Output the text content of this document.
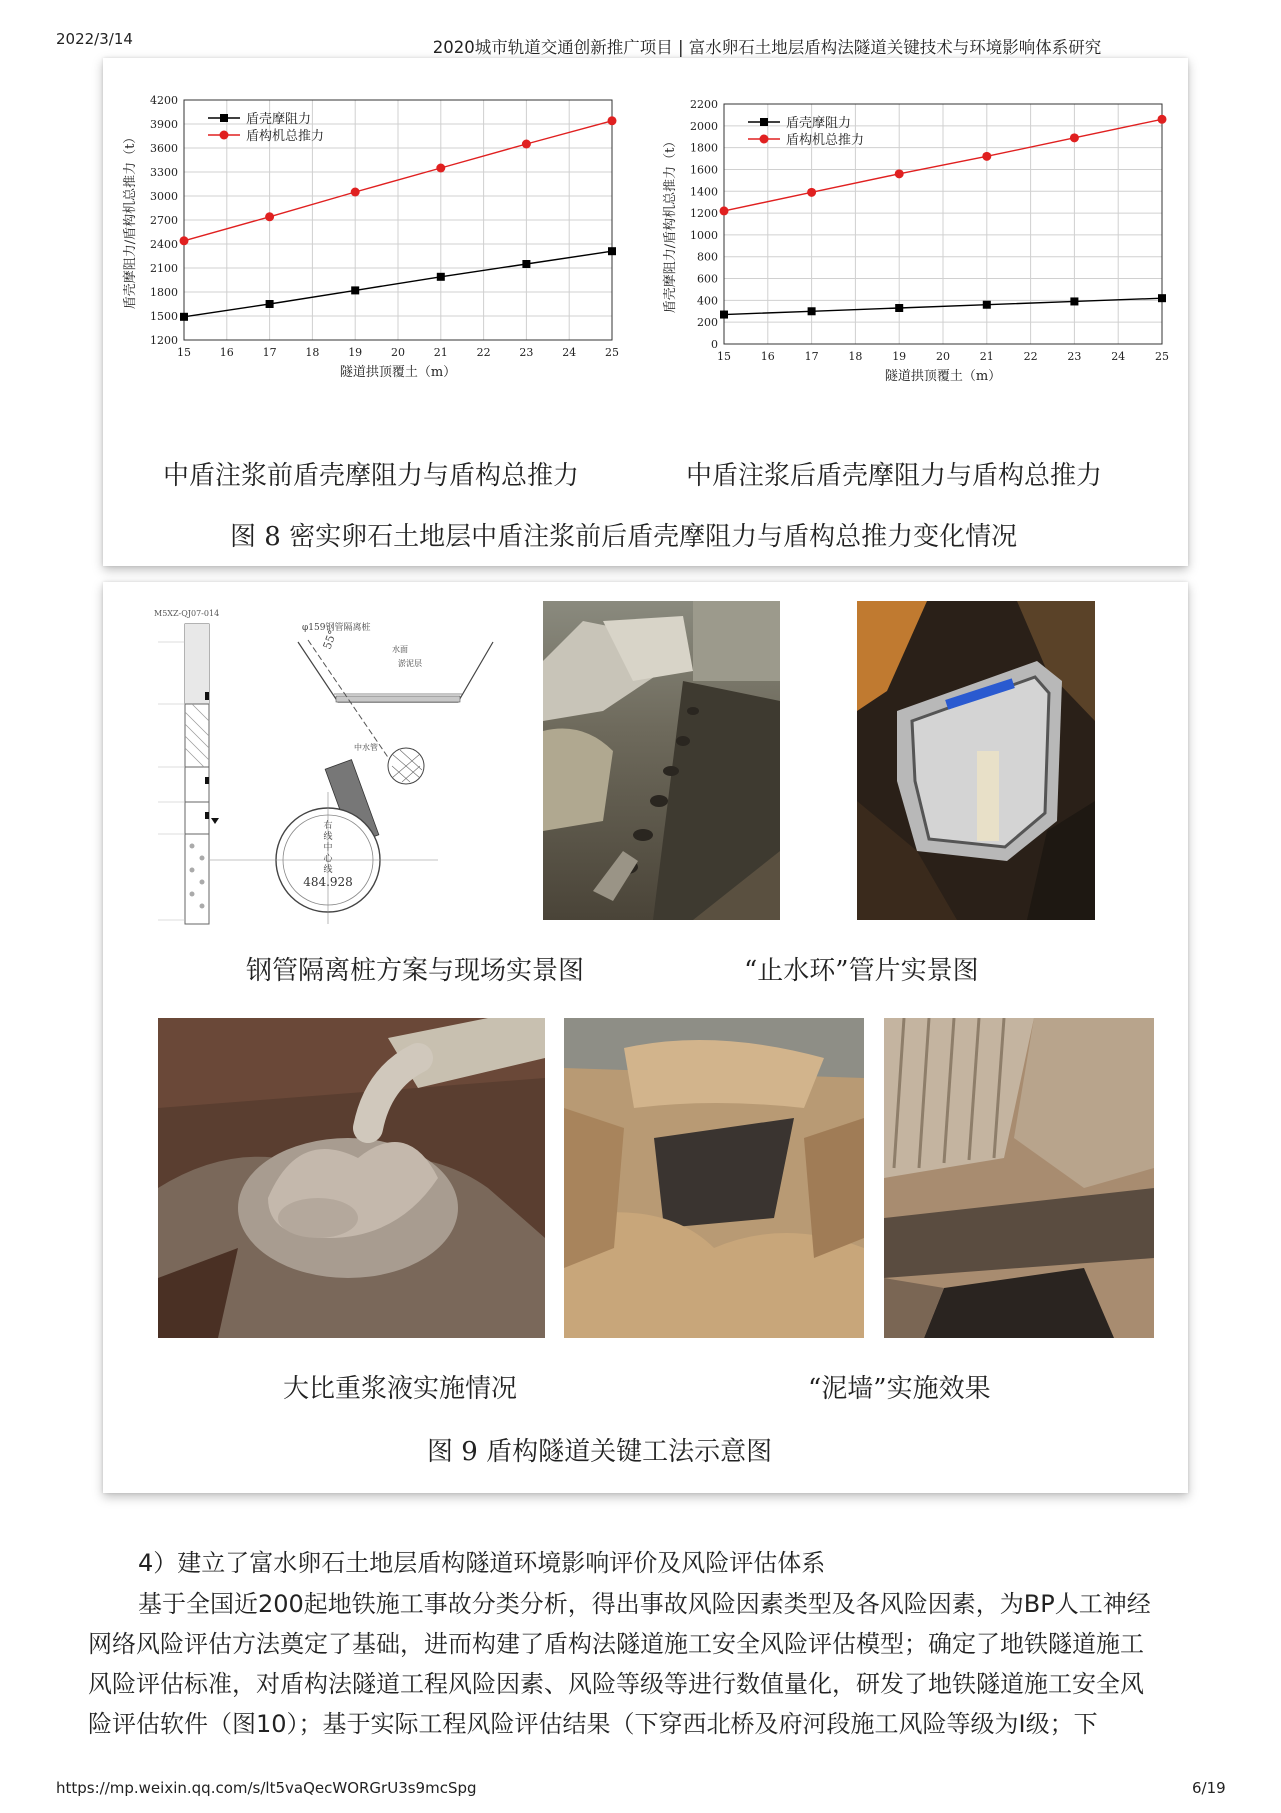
2022/3/14	2020城市轨道交通创新推广项目 | 富水卵石土地层盾构法隧道关键技术与环境影响体系研究
15	16	17	18	19	20	21	22	23	24	25
1200
1500
1800
2100
2400
2700
3000
3300
3600
3900
4200
隧道拱顶覆土（m）
盾壳摩阻力/盾构机总推力（t）
盾壳摩阻力
盾构机总推力
15	16	17	18	19	20	21	22	23	24	25
0
200
400
600
800
1000
1200
1400
1600
1800
2000
2200
隧道拱顶覆土（m）
盾壳摩阻力/盾构机总推力（t）
盾壳摩阻力
盾构机总推力
中盾注浆前盾壳摩阻力与盾构总推力	中盾注浆后盾壳摩阻力与盾构总推力
图 8 密实卵石土地层中盾注浆前后盾壳摩阻力与盾构总推力变化情况
M5XZ-QJ07-014
水面
淤泥层
φ159钢管隔离桩
55°
中水管
右
线
中
心
线
484.928
钢管隔离桩方案与现场实景图	“止水环”管片实景图
大比重浆液实施情况	“泥墙”实施效果
图 9 盾构隧道关键工法示意图
4）建立了富水卵石土地层盾构隧道环境影响评价及风险评估体系
基于全国近200起地铁施工事故分类分析，得出事故风险因素类型及各风险因素，为BP人工神经
网络风险评估方法奠定了基础，进而构建了盾构法隧道施工安全风险评估模型；确定了地铁隧道施工
风险评估标准，对盾构法隧道工程风险因素、风险等级等进行数值量化，研发了地铁隧道施工安全风
险评估软件（图10）；基于实际工程风险评估结果（下穿西北桥及府河段施工风险等级为Ⅰ级；下
https://mp.weixin.qq.com/s/lt5vaQecWORGrU3s9mcSpg	6/19
